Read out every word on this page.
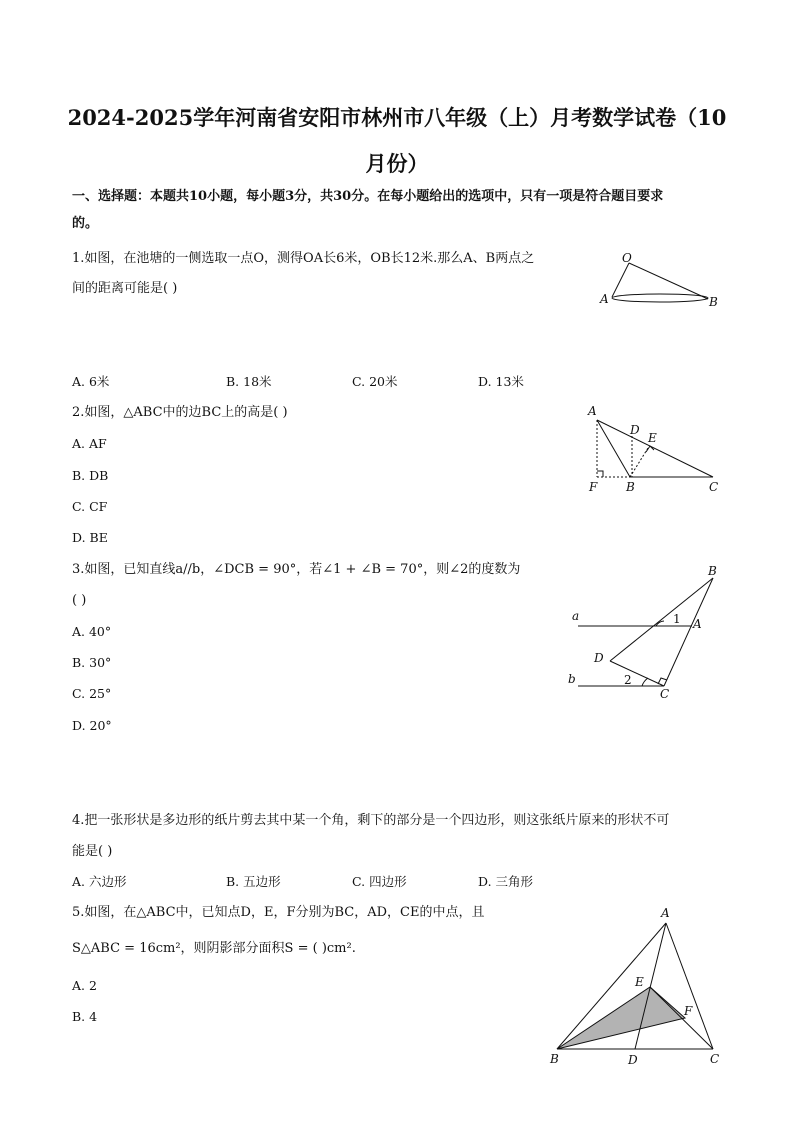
2024-2025学年河南省安阳市林州市八年级（上）月考数学试卷（10
月份）
一、选择题：本题共10小题，每小题3分，共30分。在每小题给出的选项中，只有一项是符合题目要求
的。
1.如图，在池塘的一侧选取一点O，测得OA长6米，OB长12米.那么A、B两点之
间的距离可能是( )
O
A	B
A. 6米	B. 18米	C. 20米	D. 13米
2.如图，△ABC中的边BC上的高是( )
A. AF
B. DB
C. CF
D. BE
A
D
E
F B	C
3.如图，已知直线a//b，∠DCB = 90°，若∠1 + ∠B = 70°，则∠2的度数为
( )
A. 40°
B. 30°
C. 25°
D. 20°
B
a	1 A
D
b	2
C
4.把一张形状是多边形的纸片剪去其中某一个角，剩下的部分是一个四边形，则这张纸片原来的形状不可
能是( )
A. 六边形	B. 五边形	C. 四边形	D. 三角形
5.如图，在△ABC中，已知点D，E，F分别为BC，AD，CE的中点，且
S△ABC = 16cm²，则阴影部分面积S = ( )cm².
A. 2
B. 4
A
E
F
B	D	C
